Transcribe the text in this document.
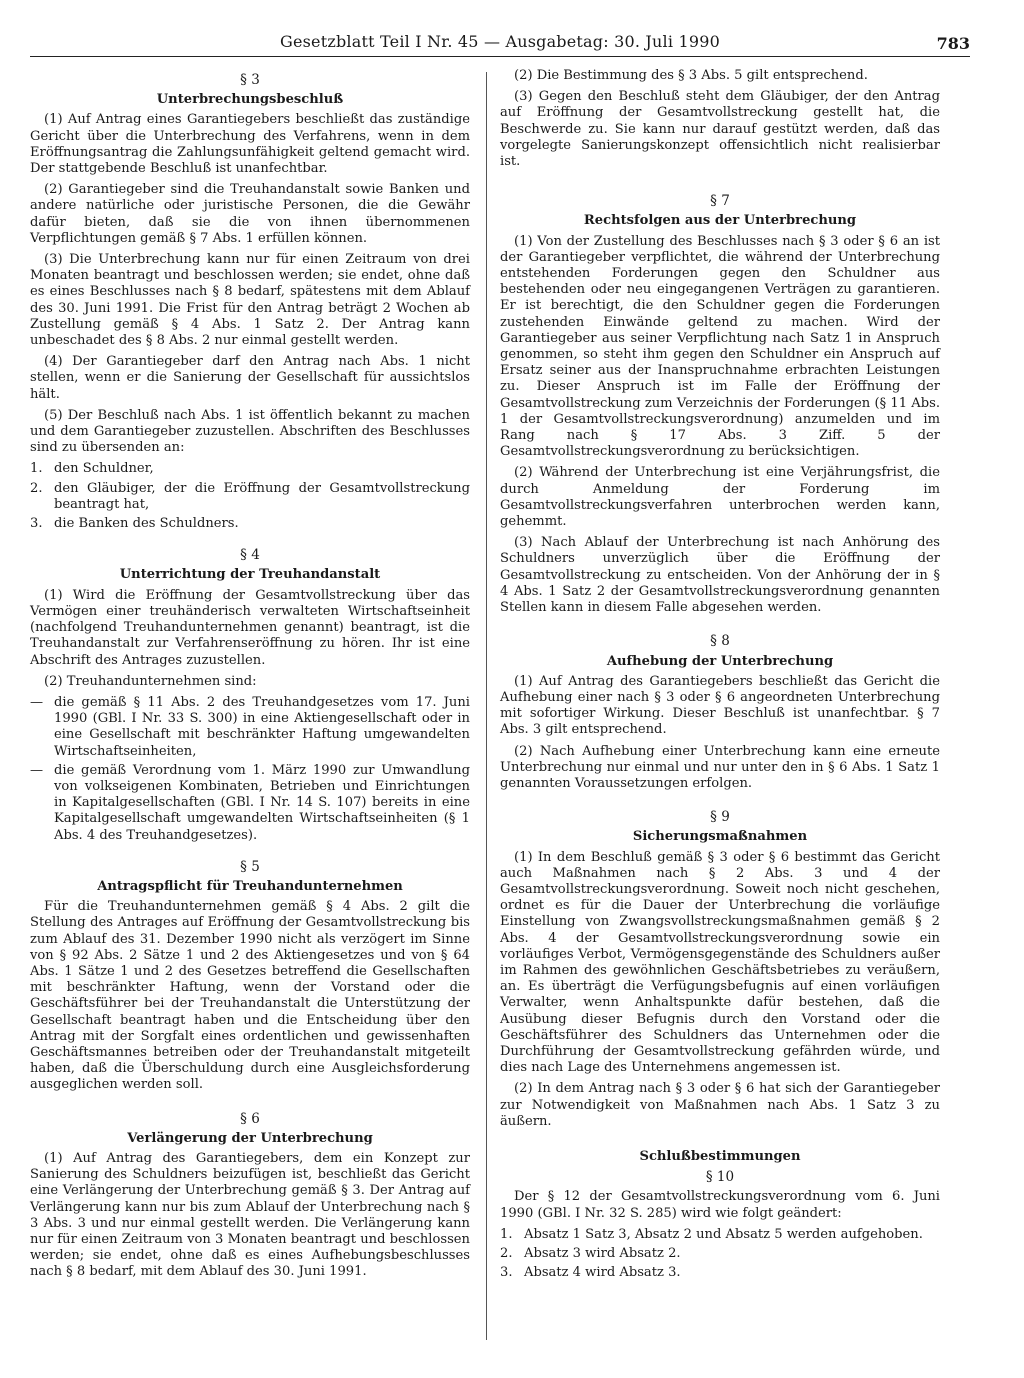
Gesetzblatt Teil I Nr. 45 — Ausgabetag: 30. Juli 1990	783
§ 3
Unterbrechungsbeschluß

(1) Auf Antrag eines Garantiegebers beschließt das zuständige Gericht über die Unterbrechung des Verfahrens, wenn in dem Eröffnungsantrag die Zahlungsunfähigkeit geltend gemacht wird. Der stattgebende Beschluß ist unanfechtbar.

(2) Garantiegeber sind die Treuhandanstalt sowie Banken und andere natürliche oder juristische Personen, die die Gewähr dafür bieten, daß sie die von ihnen übernommenen Verpflichtungen gemäß § 7 Abs. 1 erfüllen können.

(3) Die Unterbrechung kann nur für einen Zeitraum von drei Monaten beantragt und beschlossen werden; sie endet, ohne daß es eines Beschlusses nach § 8 bedarf, spätestens mit dem Ablauf des 30. Juni 1991. Die Frist für den Antrag beträgt 2 Wochen ab Zustellung gemäß § 4 Abs. 1 Satz 2. Der Antrag kann unbeschadet des § 8 Abs. 2 nur einmal gestellt werden.

(4) Der Garantiegeber darf den Antrag nach Abs. 1 nicht stellen, wenn er die Sanierung der Gesellschaft für aussichtslos hält.

(5) Der Beschluß nach Abs. 1 ist öffentlich bekannt zu machen und dem Garantiegeber zuzustellen. Abschriften des Beschlusses sind zu übersenden an:

1. den Schuldner,
2. den Gläubiger, der die Eröffnung der Gesamtvollstreckung beantragt hat,
3. die Banken des Schuldners.
§ 4
Unterrichtung der Treuhandanstalt

(1) Wird die Eröffnung der Gesamtvollstreckung über das Vermögen einer treuhänderisch verwalteten Wirtschaftseinheit (nachfolgend Treuhandunternehmen genannt) beantragt, ist die Treuhandanstalt zur Verfahrenseröffnung zu hören. Ihr ist eine Abschrift des Antrages zuzustellen.

(2) Treuhandunternehmen sind:

— die gemäß § 11 Abs. 2 des Treuhandgesetzes vom 17. Juni 1990 (GBl. I Nr. 33 S. 300) in eine Aktiengesellschaft oder in eine Gesellschaft mit beschränkter Haftung umgewandelten Wirtschaftseinheiten,
— die gemäß Verordnung vom 1. März 1990 zur Umwandlung von volkseigenen Kombinaten, Betrieben und Einrichtungen in Kapitalgesellschaften (GBl. I Nr. 14 S. 107) bereits in eine Kapitalgesellschaft umgewandelten Wirtschaftseinheiten (§ 1 Abs. 4 des Treuhandgesetzes).
§ 5
Antragspflicht für Treuhandunternehmen

Für die Treuhandunternehmen gemäß § 4 Abs. 2 gilt die Stellung des Antrages auf Eröffnung der Gesamtvollstreckung bis zum Ablauf des 31. Dezember 1990 nicht als verzögert im Sinne von § 92 Abs. 2 Sätze 1 und 2 des Aktiengesetzes und von § 64 Abs. 1 Sätze 1 und 2 des Gesetzes betreffend die Gesellschaften mit beschränkter Haftung, wenn der Vorstand oder die Geschäftsführer bei der Treuhandanstalt die Unterstützung der Gesellschaft beantragt haben und die Entscheidung über den Antrag mit der Sorgfalt eines ordentlichen und gewissenhaften Geschäftsmannes betreiben oder der Treuhandanstalt mitgeteilt haben, daß die Überschuldung durch eine Ausgleichsforderung ausgeglichen werden soll.

§ 6
Verlängerung der Unterbrechung

(1) Auf Antrag des Garantiegebers, dem ein Konzept zur Sanierung des Schuldners beizufügen ist, beschließt das Gericht eine Verlängerung der Unterbrechung gemäß § 3. Der Antrag auf Verlängerung kann nur bis zum Ablauf der Unterbrechung nach § 3 Abs. 3 und nur einmal gestellt werden. Die Verlängerung kann nur für einen Zeitraum von 3 Monaten beantragt und beschlossen werden; sie endet, ohne daß es eines Aufhebungsbeschlusses nach § 8 bedarf, mit dem Ablauf des 30. Juni 1991.

(2) Die Bestimmung des § 3 Abs. 5 gilt entsprechend.

(3) Gegen den Beschluß steht dem Gläubiger, der den Antrag auf Eröffnung der Gesamtvollstreckung gestellt hat, die Beschwerde zu. Sie kann nur darauf gestützt werden, daß das vorgelegte Sanierungskonzept offensichtlich nicht realisierbar ist.

§ 7
Rechtsfolgen aus der Unterbrechung

(1) Von der Zustellung des Beschlusses nach § 3 oder § 6 an ist der Garantiegeber verpflichtet, die während der Unterbrechung entstehenden Forderungen gegen den Schuldner aus bestehenden oder neu eingegangenen Verträgen zu garantieren. Er ist berechtigt, die den Schuldner gegen die Forderungen zustehenden Einwände geltend zu machen. Wird der Garantiegeber aus seiner Verpflichtung nach Satz 1 in Anspruch genommen, so steht ihm gegen den Schuldner ein Anspruch auf Ersatz seiner aus der Inanspruchnahme erbrachten Leistungen zu. Dieser Anspruch ist im Falle der Eröffnung der Gesamtvollstreckung zum Verzeichnis der Forderungen (§ 11 Abs. 1 der Gesamtvollstreckungsverordnung) anzumelden und im Rang nach § 17 Abs. 3 Ziff. 5 der Gesamtvollstreckungsverordnung zu berücksichtigen.

(2) Während der Unterbrechung ist eine Verjährungsfrist, die durch Anmeldung der Forderung im Gesamtvollstreckungsverfahren unterbrochen werden kann, gehemmt.

(3) Nach Ablauf der Unterbrechung ist nach Anhörung des Schuldners unverzüglich über die Eröffnung der Gesamtvollstreckung zu entscheiden. Von der Anhörung der in § 4 Abs. 1 Satz 2 der Gesamtvollstreckungsverordnung genannten Stellen kann in diesem Falle abgesehen werden.

§ 8
Aufhebung der Unterbrechung

(1) Auf Antrag des Garantiegebers beschließt das Gericht die Aufhebung einer nach § 3 oder § 6 angeordneten Unterbrechung mit sofortiger Wirkung. Dieser Beschluß ist unanfechtbar. § 7 Abs. 3 gilt entsprechend.

(2) Nach Aufhebung einer Unterbrechung kann eine erneute Unterbrechung nur einmal und nur unter den in § 6 Abs. 1 Satz 1 genannten Voraussetzungen erfolgen.

§ 9
Sicherungsmaßnahmen

(1) In dem Beschluß gemäß § 3 oder § 6 bestimmt das Gericht auch Maßnahmen nach § 2 Abs. 3 und 4 der Gesamtvollstreckungsverordnung. Soweit noch nicht geschehen, ordnet es für die Dauer der Unterbrechung die vorläufige Einstellung von Zwangsvollstreckungsmaßnahmen gemäß § 2 Abs. 4 der Gesamtvollstreckungsverordnung sowie ein vorläufiges Verbot, Vermögensgegenstände des Schuldners außer im Rahmen des gewöhnlichen Geschäftsbetriebes zu veräußern, an. Es überträgt die Verfügungsbefugnis auf einen vorläufigen Verwalter, wenn Anhaltspunkte dafür bestehen, daß die Ausübung dieser Befugnis durch den Vorstand oder die Geschäftsführer des Schuldners das Unternehmen oder die Durchführung der Gesamtvollstreckung gefährden würde, und dies nach Lage des Unternehmens angemessen ist.

(2) In dem Antrag nach § 3 oder § 6 hat sich der Garantiegeber zur Notwendigkeit von Maßnahmen nach Abs. 1 Satz 3 zu äußern.

Schlußbestimmungen
§ 10

Der § 12 der Gesamtvollstreckungsverordnung vom 6. Juni 1990 (GBl. I Nr. 32 S. 285) wird wie folgt geändert:

1. Absatz 1 Satz 3, Absatz 2 und Absatz 5 werden aufgehoben.
2. Absatz 3 wird Absatz 2.
3. Absatz 4 wird Absatz 3.
